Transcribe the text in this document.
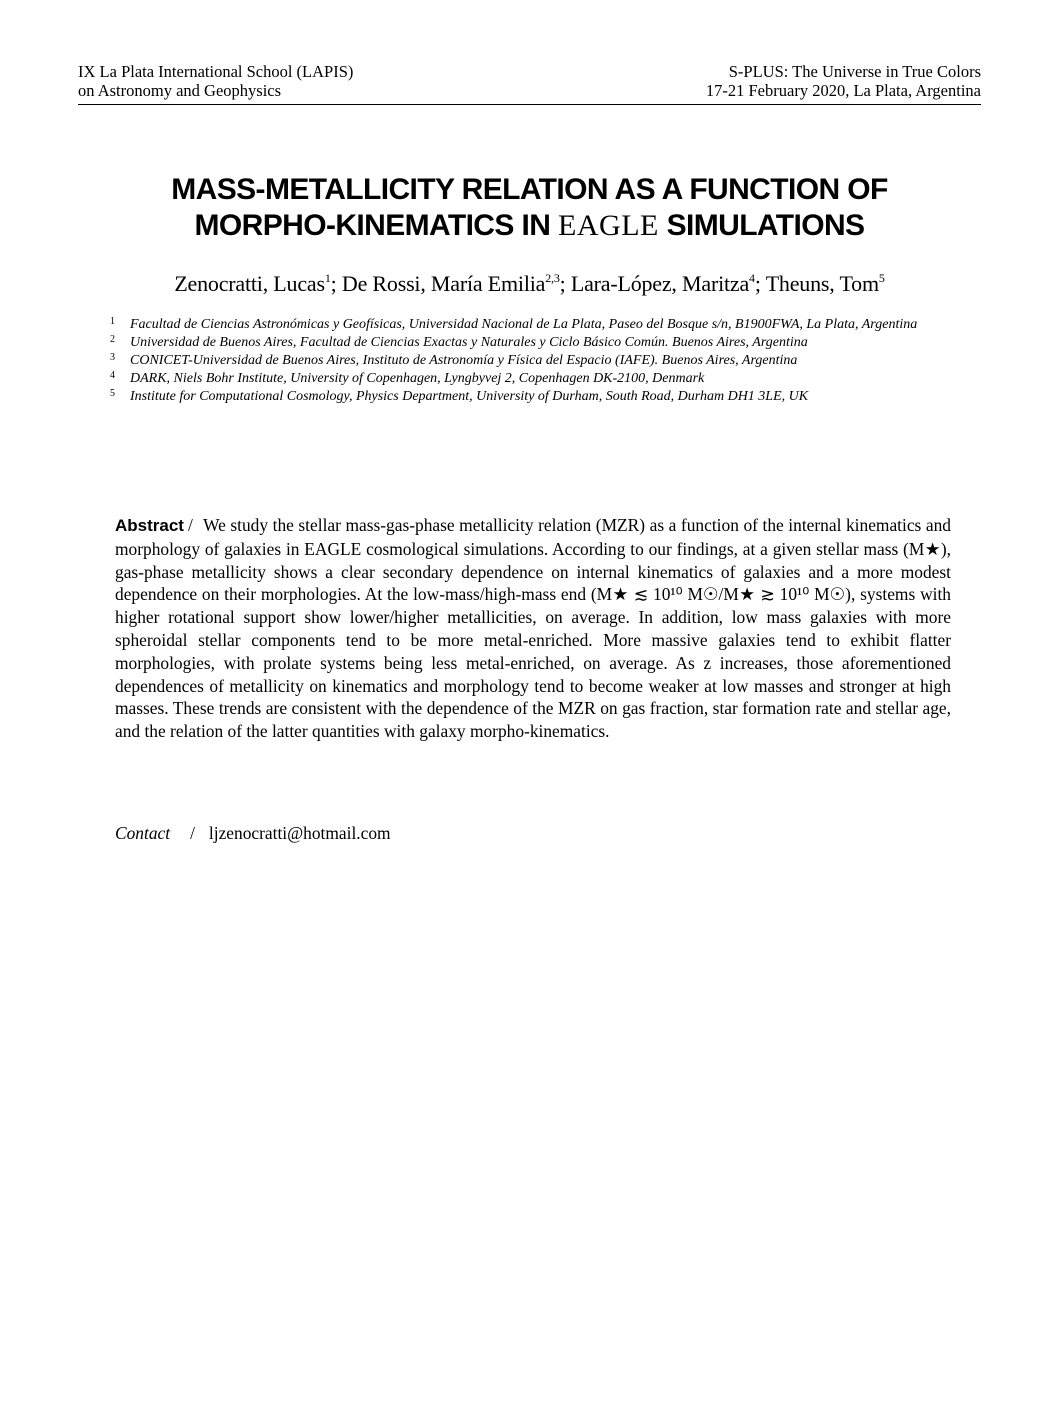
IX La Plata International School (LAPIS)
on Astronomy and Geophysics
S-PLUS: The Universe in True Colors
17-21 February 2020, La Plata, Argentina
MASS-METALLICITY RELATION AS A FUNCTION OF
MORPHO-KINEMATICS IN EAGLE SIMULATIONS
Zenocratti, Lucas$^1$; De Rossi, María Emilia$^{2,3}$; Lara-López, Maritza$^4$; Theuns, Tom$^5$
1	Facultad de Ciencias Astronómicas y Geofísicas, Universidad Nacional de La Plata, Paseo del Bosque s/n, B1900FWA, La Plata, Argentina
2	Universidad de Buenos Aires, Facultad de Ciencias Exactas y Naturales y Ciclo Básico Común. Buenos Aires, Argentina
3	CONICET-Universidad de Buenos Aires, Instituto de Astronomía y Física del Espacio (IAFE). Buenos Aires, Argentina
4	DARK, Niels Bohr Institute, University of Copenhagen, Lyngbyvej 2, Copenhagen DK-2100, Denmark
5	Institute for Computational Cosmology, Physics Department, University of Durham, South Road, Durham DH1 3LE, UK
Abstract / We study the stellar mass-gas-phase metallicity relation (MZR) as a function of the internal kinematics and morphology of galaxies in EAGLE cosmological simulations. According to our findings, at a given stellar mass (M★), gas-phase metallicity shows a clear secondary dependence on internal kinematics of galaxies and a more modest dependence on their morphologies. At the low-mass/high-mass end (M★ ≲ 10¹⁰ M☉/M★ ≳ 10¹⁰ M☉), systems with higher rotational support show lower/higher metallicities, on average. In addition, low mass galaxies with more spheroidal stellar components tend to be more metal-enriched. More massive galaxies tend to exhibit flatter morphologies, with prolate systems being less metal-enriched, on average. As z increases, those aforementioned dependences of metallicity on kinematics and morphology tend to become weaker at low masses and stronger at high masses. These trends are consistent with the dependence of the MZR on gas fraction, star formation rate and stellar age, and the relation of the latter quantities with galaxy morpho-kinematics.
Contact / ljzenocratti@hotmail.com
